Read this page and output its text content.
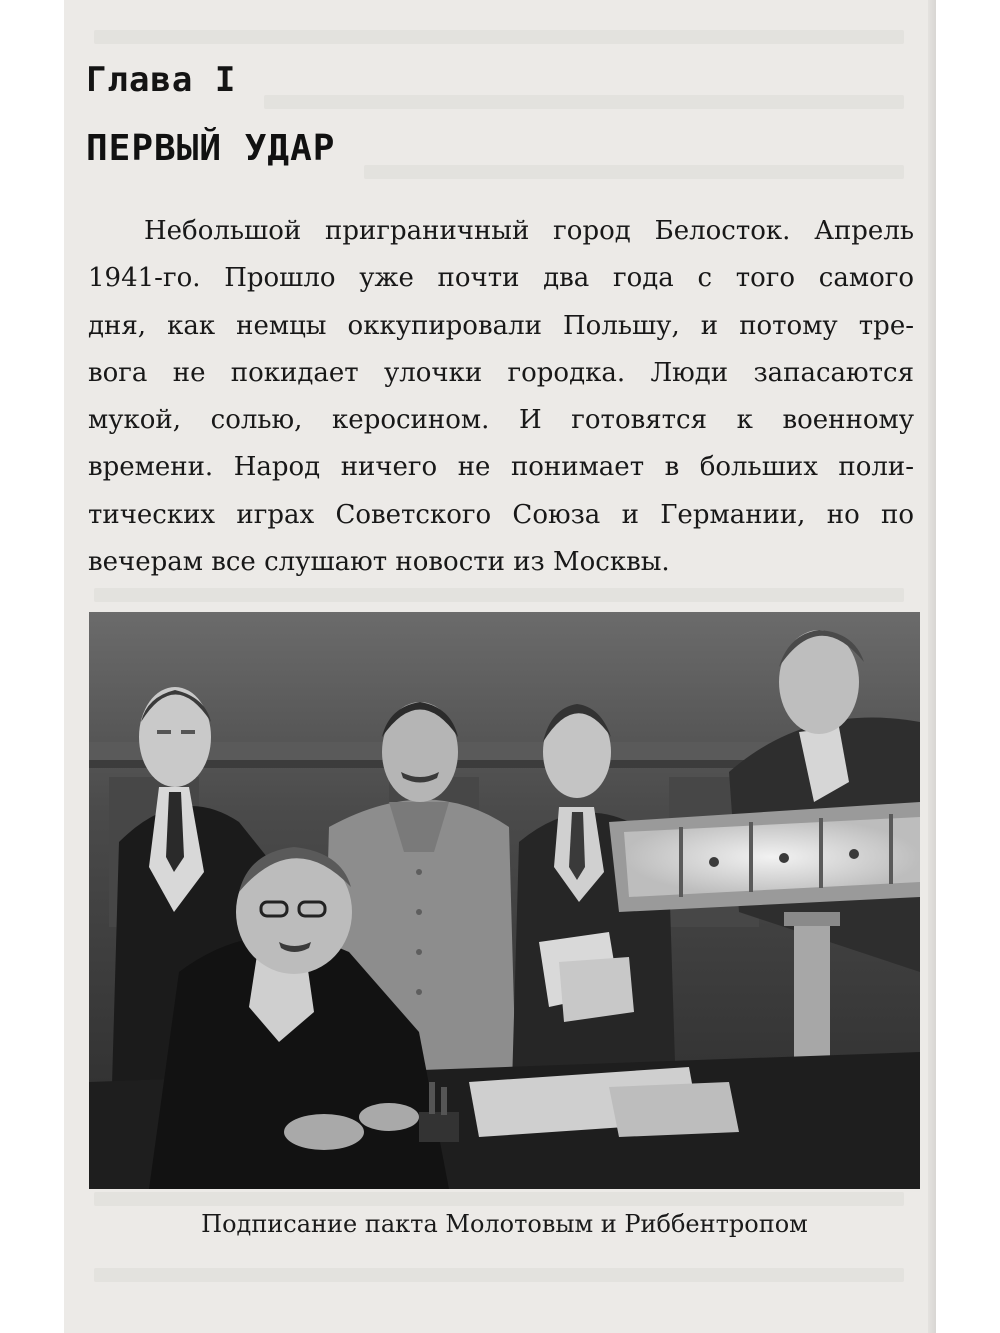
Глава I
ПЕРВЫЙ УДАР

Небольшой приграничный город Белосток. Апрель
1941-го. Прошло уже почти два года с того самого
дня, как немцы оккупировали Польшу, и потому тре-
вога не покидает улочки городка. Люди запасаются
мукой, солью, керосином. И готовятся к военному
времени. Народ ничего не понимает в больших поли-
тических играх Советского Союза и Германии, но по
вечерам все слушают новости из Москвы.

Подписание пакта Молотовым и Риббентропом
